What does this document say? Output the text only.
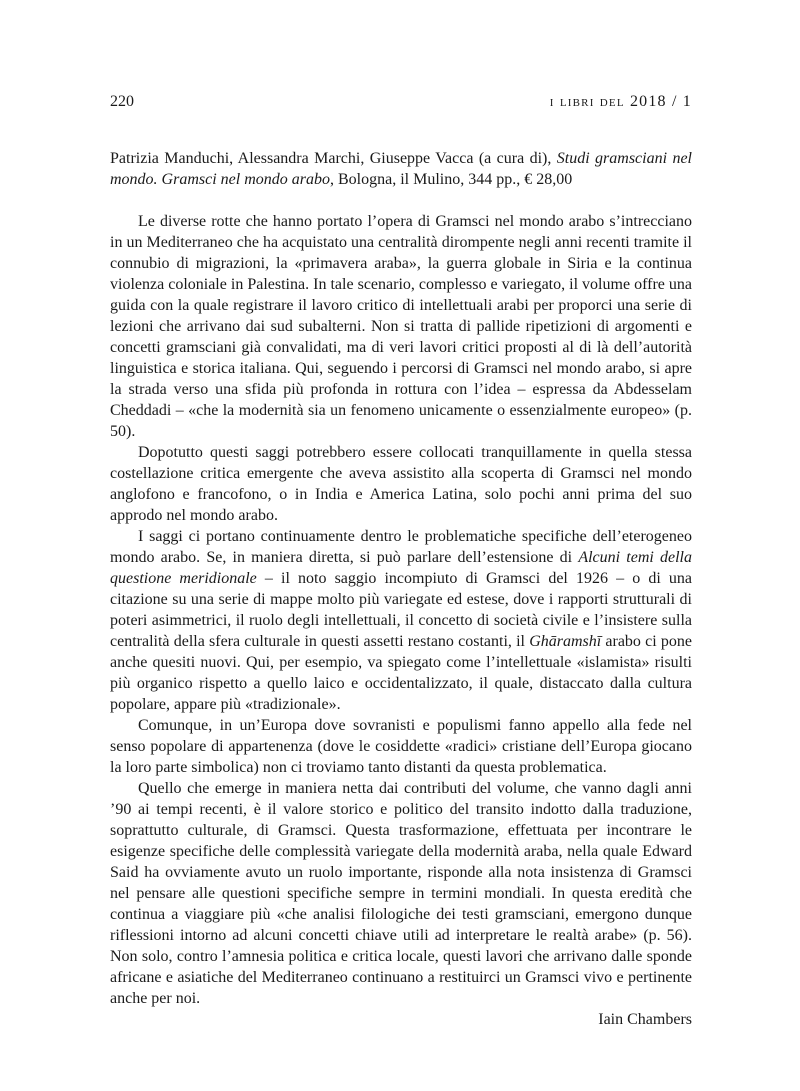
220	i libri del 2018 / 1

Patrizia Manduchi, Alessandra Marchi, Giuseppe Vacca (a cura di), Studi gramsciani nel mondo. Gramsci nel mondo arabo, Bologna, il Mulino, 344 pp., € 28,00

Le diverse rotte che hanno portato l’opera di Gramsci nel mondo arabo s’intrecciano in un Mediterraneo che ha acquistato una centralità dirompente negli anni recenti tramite il connubio di migrazioni, la «primavera araba», la guerra globale in Siria e la continua violenza coloniale in Palestina. In tale scenario, complesso e variegato, il volume offre una guida con la quale registrare il lavoro critico di intellettuali arabi per proporci una serie di lezioni che arrivano dai sud subalterni. Non si tratta di pallide ripetizioni di argomenti e concetti gramsciani già convalidati, ma di veri lavori critici proposti al di là dell’autorità linguistica e storica italiana. Qui, seguendo i percorsi di Gramsci nel mondo arabo, si apre la strada verso una sfida più profonda in rottura con l’idea – espressa da Abdesselam Cheddadi – «che la modernità sia un fenomeno unicamente o essenzialmente europeo» (p. 50).

Dopotutto questi saggi potrebbero essere collocati tranquillamente in quella stessa costellazione critica emergente che aveva assistito alla scoperta di Gramsci nel mondo anglofono e francofono, o in India e America Latina, solo pochi anni prima del suo approdo nel mondo arabo.

I saggi ci portano continuamente dentro le problematiche specifiche dell’eterogeneo mondo arabo. Se, in maniera diretta, si può parlare dell’estensione di Alcuni temi della questione meridionale – il noto saggio incompiuto di Gramsci del 1926 – o di una citazione su una serie di mappe molto più variegate ed estese, dove i rapporti strutturali di poteri asimmetrici, il ruolo degli intellettuali, il concetto di società civile e l’insistere sulla centralità della sfera culturale in questi assetti restano costanti, il Ghāramshī arabo ci pone anche quesiti nuovi. Qui, per esempio, va spiegato come l’intellettuale «islamista» risulti più organico rispetto a quello laico e occidentalizzato, il quale, distaccato dalla cultura popolare, appare più «tradizionale».

Comunque, in un’Europa dove sovranisti e populismi fanno appello alla fede nel senso popolare di appartenenza (dove le cosiddette «radici» cristiane dell’Europa giocano la loro parte simbolica) non ci troviamo tanto distanti da questa problematica.

Quello che emerge in maniera netta dai contributi del volume, che vanno dagli anni ’90 ai tempi recenti, è il valore storico e politico del transito indotto dalla traduzione, soprattutto culturale, di Gramsci. Questa trasformazione, effettuata per incontrare le esigenze specifiche delle complessità variegate della modernità araba, nella quale Edward Said ha ovviamente avuto un ruolo importante, risponde alla nota insistenza di Gramsci nel pensare alle questioni specifiche sempre in termini mondiali. In questa eredità che continua a viaggiare più «che analisi filologiche dei testi gramsciani, emergono dunque riflessioni intorno ad alcuni concetti chiave utili ad interpretare le realtà arabe» (p. 56). Non solo, contro l’amnesia politica e critica locale, questi lavori che arrivano dalle sponde africane e asiatiche del Mediterraneo continuano a restituirci un Gramsci vivo e pertinente anche per noi.

Iain Chambers
